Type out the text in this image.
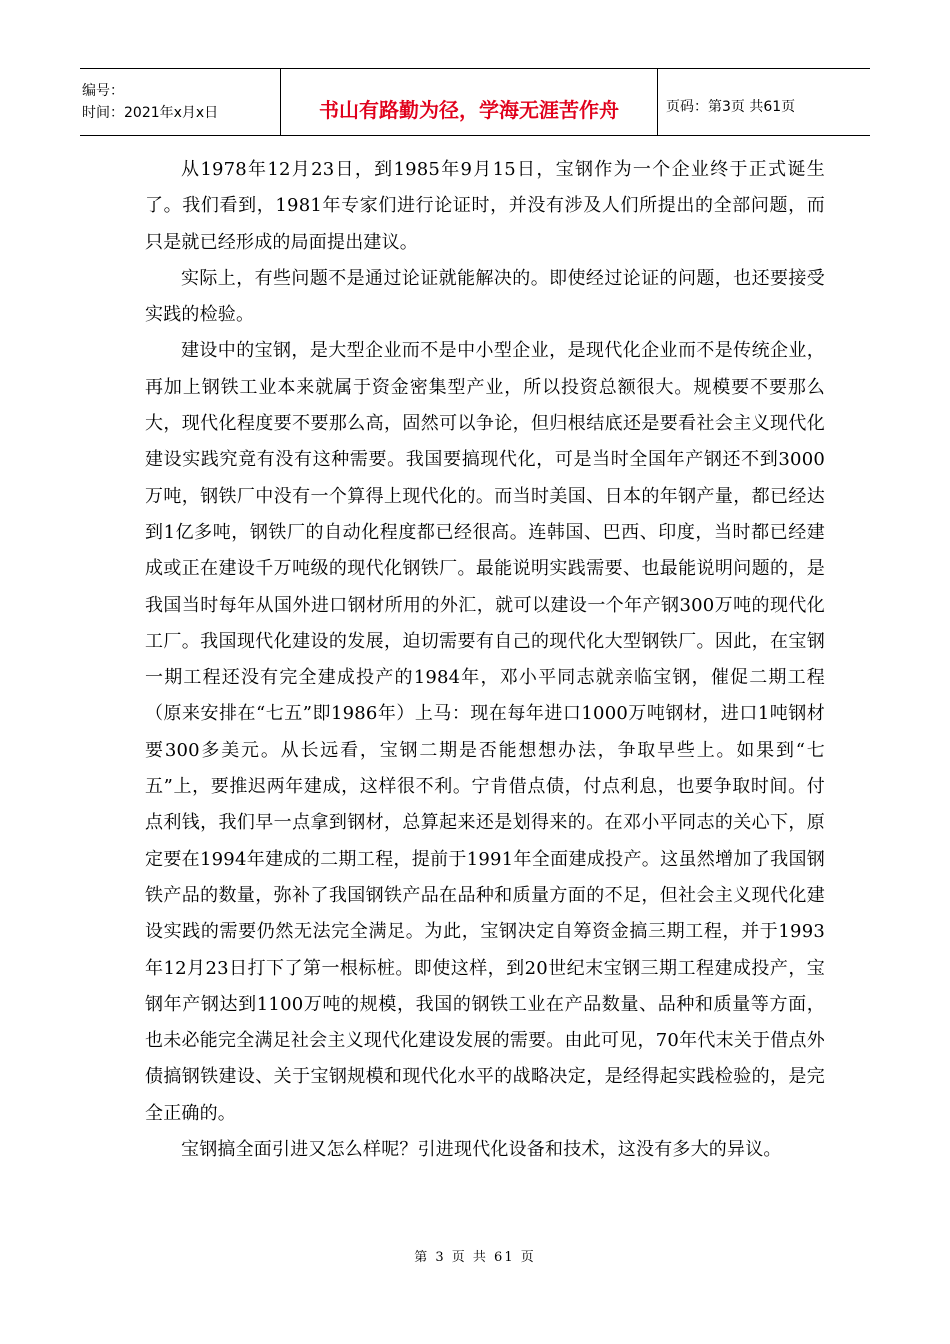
编号：
时间：2021年x月x日	书山有路勤为径，学海无涯苦作舟	页码：第3页 共61页

从1978年12月23日，到1985年9月15日，宝钢作为一个企业终于正式诞生了。我们看到，1981年专家们进行论证时，并没有涉及人们所提出的全部问题，而只是就已经形成的局面提出建议。

实际上，有些问题不是通过论证就能解决的。即使经过论证的问题，也还要接受实践的检验。

建设中的宝钢，是大型企业而不是中小型企业，是现代化企业而不是传统企业，再加上钢铁工业本来就属于资金密集型产业，所以投资总额很大。规模要不要那么大，现代化程度要不要那么高，固然可以争论，但归根结底还是要看社会主义现代化建设实践究竟有没有这种需要。我国要搞现代化，可是当时全国年产钢还不到3000万吨，钢铁厂中没有一个算得上现代化的。而当时美国、日本的年钢产量，都已经达到1亿多吨，钢铁厂的自动化程度都已经很高。连韩国、巴西、印度，当时都已经建成或正在建设千万吨级的现代化钢铁厂。最能说明实践需要、也最能说明问题的，是我国当时每年从国外进口钢材所用的外汇，就可以建设一个年产钢300万吨的现代化工厂。我国现代化建设的发展，迫切需要有自己的现代化大型钢铁厂。因此，在宝钢一期工程还没有完全建成投产的1984年，邓小平同志就亲临宝钢，催促二期工程（原来安排在“七五”即1986年）上马：现在每年进口1000万吨钢材，进口1吨钢材要300多美元。从长远看，宝钢二期是否能想想办法，争取早些上。如果到“七五”上，要推迟两年建成，这样很不利。宁肯借点债，付点利息，也要争取时间。付点利钱，我们早一点拿到钢材，总算起来还是划得来的。在邓小平同志的关心下，原定要在1994年建成的二期工程，提前于1991年全面建成投产。这虽然增加了我国钢铁产品的数量，弥补了我国钢铁产品在品种和质量方面的不足，但社会主义现代化建设实践的需要仍然无法完全满足。为此，宝钢决定自筹资金搞三期工程，并于1993年12月23日打下了第一根标桩。即使这样，到20世纪末宝钢三期工程建成投产，宝钢年产钢达到1100万吨的规模，我国的钢铁工业在产品数量、品种和质量等方面，也未必能完全满足社会主义现代化建设发展的需要。由此可见，70年代末关于借点外债搞钢铁建设、关于宝钢规模和现代化水平的战略决定，是经得起实践检验的，是完全正确的。

宝钢搞全面引进又怎么样呢？引进现代化设备和技术，这没有多大的异议。

第 3 页 共 61 页
